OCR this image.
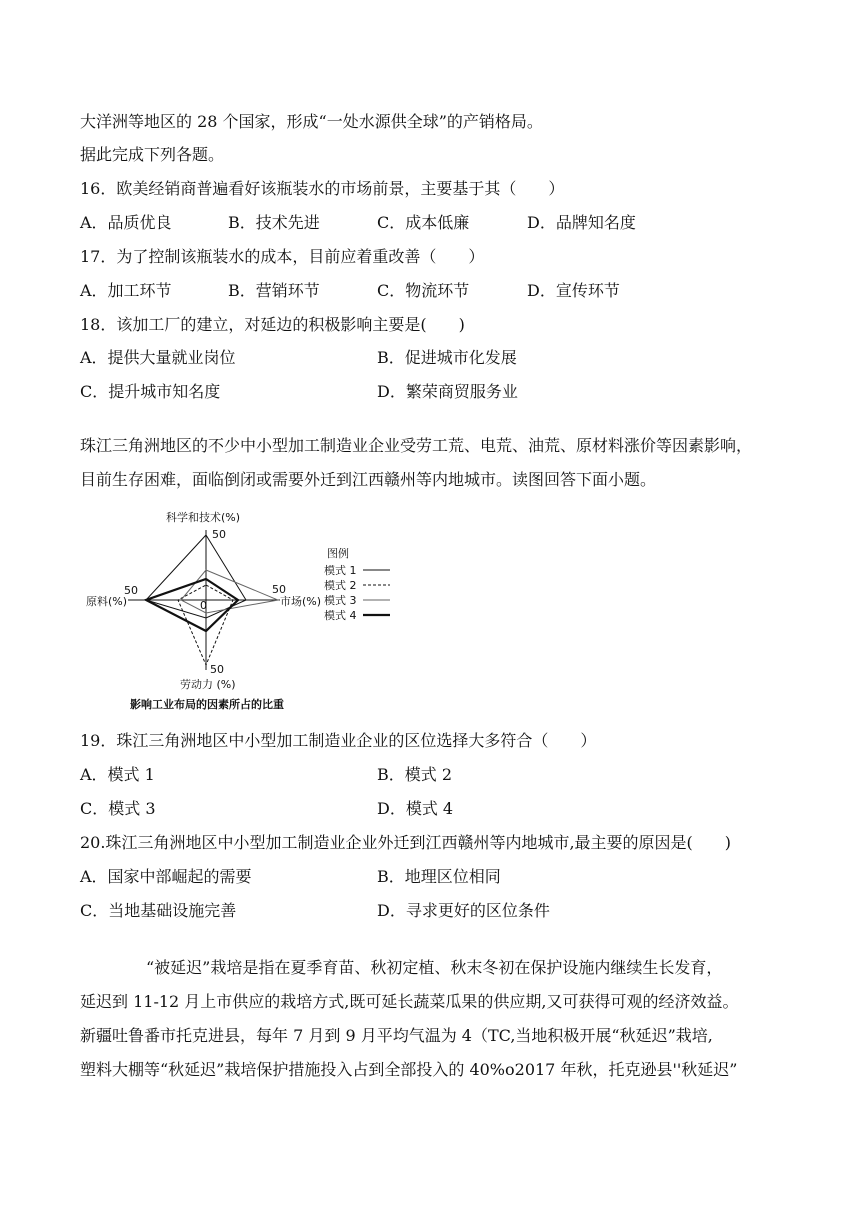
大洋洲等地区的 28 个国家，形成“一处水源供全球”的产销格局。
据此完成下列各题。
16．欧美经销商普遍看好该瓶装水的市场前景，主要基于其（　　）
A．品质优良	B．技术先进	C．成本低廉	D．品牌知名度
17．为了控制该瓶装水的成本，目前应着重改善（　　）
A．加工环节	B．营销环节	C．物流环节	D．宣传环节
18．该加工厂的建立，对延边的积极影响主要是(　　)
A．提供大量就业岗位	B．促进城市化发展
C．提升城市知名度	D．繁荣商贸服务业
珠江三角洲地区的不少中小型加工制造业企业受劳工荒、电荒、油荒、原材料涨价等因素影响，
目前生存困难，面临倒闭或需要外迁到江西赣州等内地城市。读图回答下面小题。
科学和技术(%)
50
原料(%)
50
市场(%)
50
0
50
劳动力 (%)
图例
模式 1
模式 2
模式 3
模式 4
影响工业布局的因素所占的比重
19．珠江三角洲地区中小型加工制造业企业的区位选择大多符合（　　）
A．模式 1	B．模式 2
C．模式 3	D．模式 4
20.珠江三角洲地区中小型加工制造业企业外迁到江西赣州等内地城市,最主要的原因是(　　)
A．国家中部崛起的需要	B．地理区位相同
C．当地基础设施完善	D．寻求更好的区位条件
“被延迟”栽培是指在夏季育苗、秋初定植、秋末冬初在保护设施内继续生长发育，
延迟到 11-12 月上市供应的栽培方式,既可延长蔬菜瓜果的供应期,又可获得可观的经济效益。
新疆吐鲁番市托克进县，每年 7 月到 9 月平均气温为 4（TC,当地积极开展“秋延迟”栽培,
塑料大棚等“秋延迟”栽培保护措施投入占到全部投入的 40%o2017 年秋，托克逊县''秋延迟”
